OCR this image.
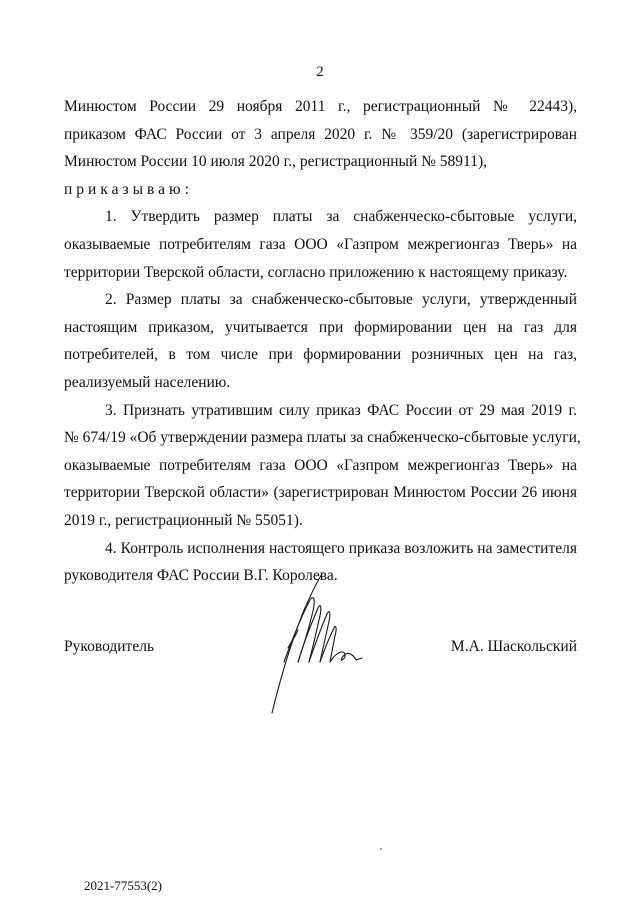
2
Минюстом России 29 ноября 2011 г., регистрационный № 22443),
приказом ФАС России от 3 апреля 2020 г. № 359/20 (зарегистрирован
Минюстом России 10 июля 2020 г., регистрационный № 58911),
приказываю:
1. Утвердить размер платы за снабженческо-сбытовые услуги,
оказываемые потребителям газа ООО «Газпром межрегионгаз Тверь» на
территории Тверской области, согласно приложению к настоящему приказу.
2. Размер платы за снабженческо-сбытовые услуги, утвержденный
настоящим приказом, учитывается при формировании цен на газ для
потребителей, в том числе при формировании розничных цен на газ,
реализуемый населению.
3. Признать утратившим силу приказ ФАС России от 29 мая 2019 г.
№ 674/19 «Об утверждении размера платы за снабженческо-сбытовые услуги,
оказываемые потребителям газа ООО «Газпром межрегионгаз Тверь» на
территории Тверской области» (зарегистрирован Минюстом России 26 июня
2019 г., регистрационный № 55051).
4. Контроль исполнения настоящего приказа возложить на заместителя
руководителя ФАС России В.Г. Королева.
Руководитель	М.А. Шаскольский
2021-77553(2)
